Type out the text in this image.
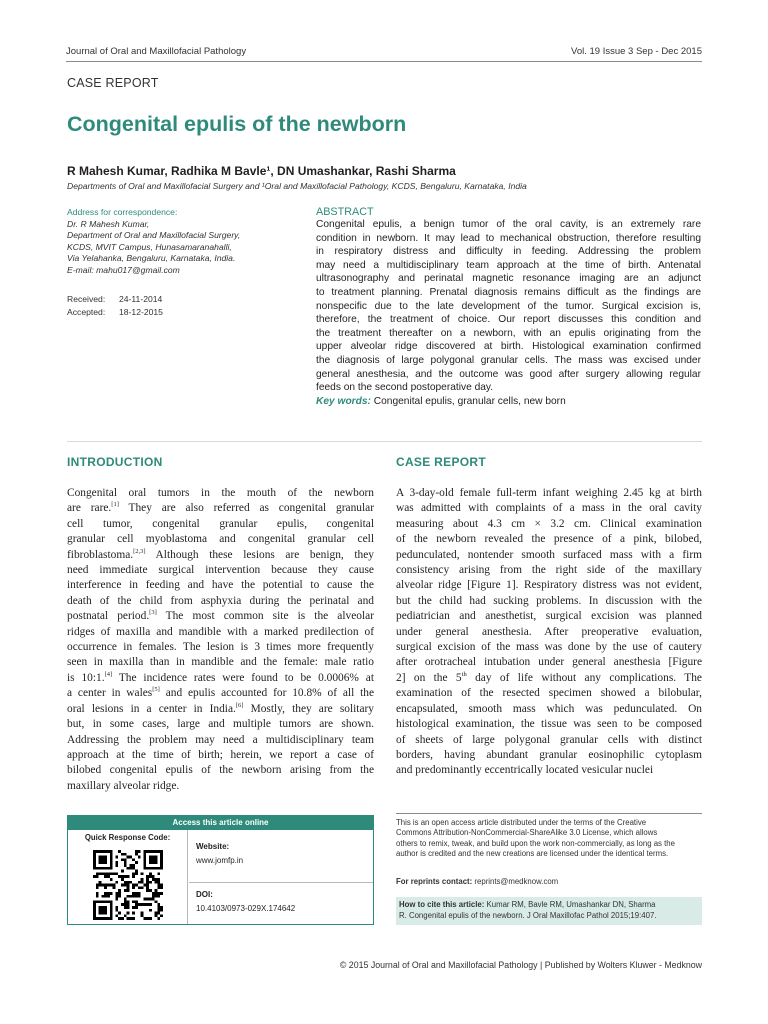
Journal of Oral and Maxillofacial Pathology	Vol. 19 Issue 3 Sep - Dec 2015
CASE REPORT
Congenital epulis of the newborn
R Mahesh Kumar, Radhika M Bavle¹, DN Umashankar, Rashi Sharma
Departments of Oral and Maxillofacial Surgery and ¹Oral and Maxillofacial Pathology, KCDS, Bengaluru, Karnataka, India
Address for correspondence:
Dr. R Mahesh Kumar,
Department of Oral and Maxillofacial Surgery,
KCDS, MVIT Campus, Hunasamaranahalli,
Via Yelahanka, Bengaluru, Karnataka, India.
E-mail: mahu017@gmail.com
Received: 24-11-2014
Accepted: 18-12-2015
ABSTRACT
Congenital epulis, a benign tumor of the oral cavity, is an extremely rare
condition in newborn. It may lead to mechanical obstruction, therefore resulting
in respiratory distress and difficulty in feeding. Addressing the problem
may need a multidisciplinary team approach at the time of birth. Antenatal
ultrasonography and perinatal magnetic resonance imaging are an adjunct
to treatment planning. Prenatal diagnosis remains difficult as the findings are
nonspecific due to the late development of the tumor. Surgical excision is,
therefore, the treatment of choice. Our report discusses this condition and
the treatment thereafter on a newborn, with an epulis originating from the
upper alveolar ridge discovered at birth. Histological examination confirmed
the diagnosis of large polygonal granular cells. The mass was excised under
general anesthesia, and the outcome was good after surgery allowing regular
feeds on the second postoperative day.
Key words: Congenital epulis, granular cells, new born
INTRODUCTION
Congenital oral tumors in the mouth of the newborn
are rare.[1] They are also referred as congenital granular
cell tumor, congenital granular epulis, congenital
granular cell myoblastoma and congenital granular cell
fibroblastoma.[2,3] Although these lesions are benign, they
need immediate surgical intervention because they cause
interference in feeding and have the potential to cause the
death of the child from asphyxia during the perinatal and
postnatal period.[3] The most common site is the alveolar
ridges of maxilla and mandible with a marked predilection of
occurrence in females. The lesion is 3 times more frequently
seen in maxilla than in mandible and the female: male ratio
is 10:1.[4] The incidence rates were found to be 0.0006% at
a center in wales[5] and epulis accounted for 10.8% of all the
oral lesions in a center in India.[6] Mostly, they are solitary
but, in some cases, large and multiple tumors are shown.
Addressing the problem may need a multidisciplinary team
approach at the time of birth; herein, we report a case of
bilobed congenital epulis of the newborn arising from the
maxillary alveolar ridge.
CASE REPORT
A 3-day-old female full-term infant weighing 2.45 kg at birth
was admitted with complaints of a mass in the oral cavity
measuring about 4.3 cm × 3.2 cm. Clinical examination
of the newborn revealed the presence of a pink, bilobed,
pedunculated, nontender smooth surfaced mass with a firm
consistency arising from the right side of the maxillary
alveolar ridge [Figure 1]. Respiratory distress was not evident,
but the child had sucking problems. In discussion with the
pediatrician and anesthetist, surgical excision was planned
under general anesthesia. After preoperative evaluation,
surgical excision of the mass was done by the use of cautery
after orotracheal intubation under general anesthesia [Figure
2] on the 5th day of life without any complications. The
examination of the resected specimen showed a bilobular,
encapsulated, smooth mass which was pedunculated. On
histological examination, the tissue was seen to be composed
of sheets of large polygonal granular cells with distinct
borders, having abundant granular eosinophilic cytoplasm
and predominantly eccentrically located vesicular nuclei
Access this article online
Quick Response Code:
Website:
www.jomfp.in
DOI:
10.4103/0973-029X.174642
This is an open access article distributed under the terms of the Creative
Commons Attribution-NonCommercial-ShareAlike 3.0 License, which allows
others to remix, tweak, and build upon the work non-commercially, as long as the
author is credited and the new creations are licensed under the identical terms.
For reprints contact: reprints@medknow.com
How to cite this article: Kumar RM, Bavle RM, Umashankar DN, Sharma
R. Congenital epulis of the newborn. J Oral Maxillofac Pathol 2015;19:407.
© 2015 Journal of Oral and Maxillofacial Pathology | Published by Wolters Kluwer - Medknow
